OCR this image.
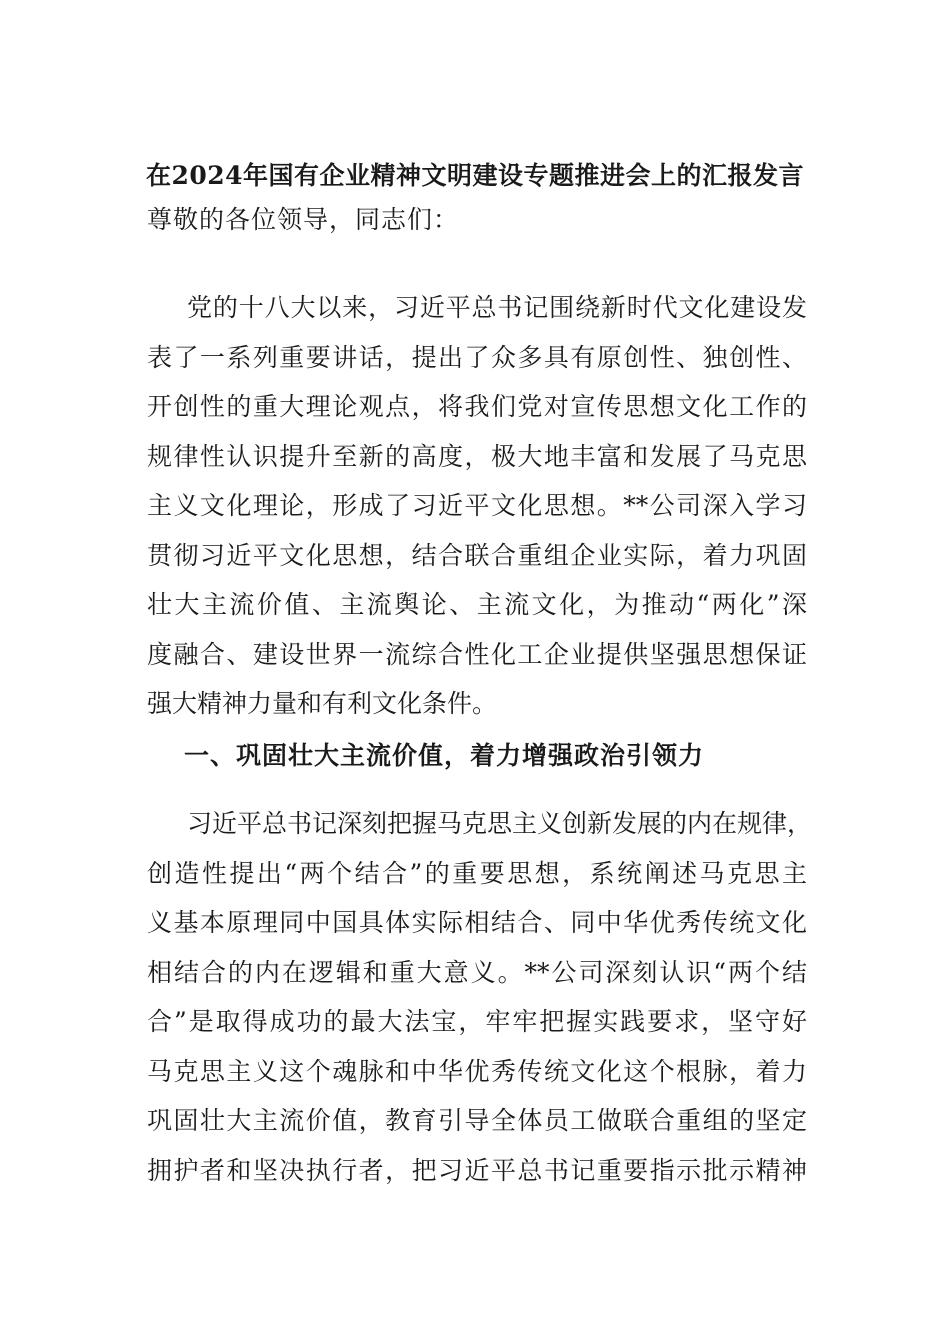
在2024年国有企业精神文明建设专题推进会上的汇报发言
尊敬的各位领导，同志们：
党的十八大以来，习近平总书记围绕新时代文化建设发
表了一系列重要讲话，提出了众多具有原创性、独创性、
开创性的重大理论观点，将我们党对宣传思想文化工作的
规律性认识提升至新的高度，极大地丰富和发展了马克思
主义文化理论，形成了习近平文化思想。**公司深入学习
贯彻习近平文化思想，结合联合重组企业实际，着力巩固
壮大主流价值、主流舆论、主流文化，为推动“两化”深
度融合、建设世界一流综合性化工企业提供坚强思想保证
强大精神力量和有利文化条件。
一、巩固壮大主流价值，着力增强政治引领力
习近平总书记深刻把握马克思主义创新发展的内在规律，
创造性提出“两个结合”的重要思想，系统阐述马克思主
义基本原理同中国具体实际相结合、同中华优秀传统文化
相结合的内在逻辑和重大意义。**公司深刻认识“两个结
合”是取得成功的最大法宝，牢牢把握实践要求，坚守好
马克思主义这个魂脉和中华优秀传统文化这个根脉，着力
巩固壮大主流价值，教育引导全体员工做联合重组的坚定
拥护者和坚决执行者，把习近平总书记重要指示批示精神
